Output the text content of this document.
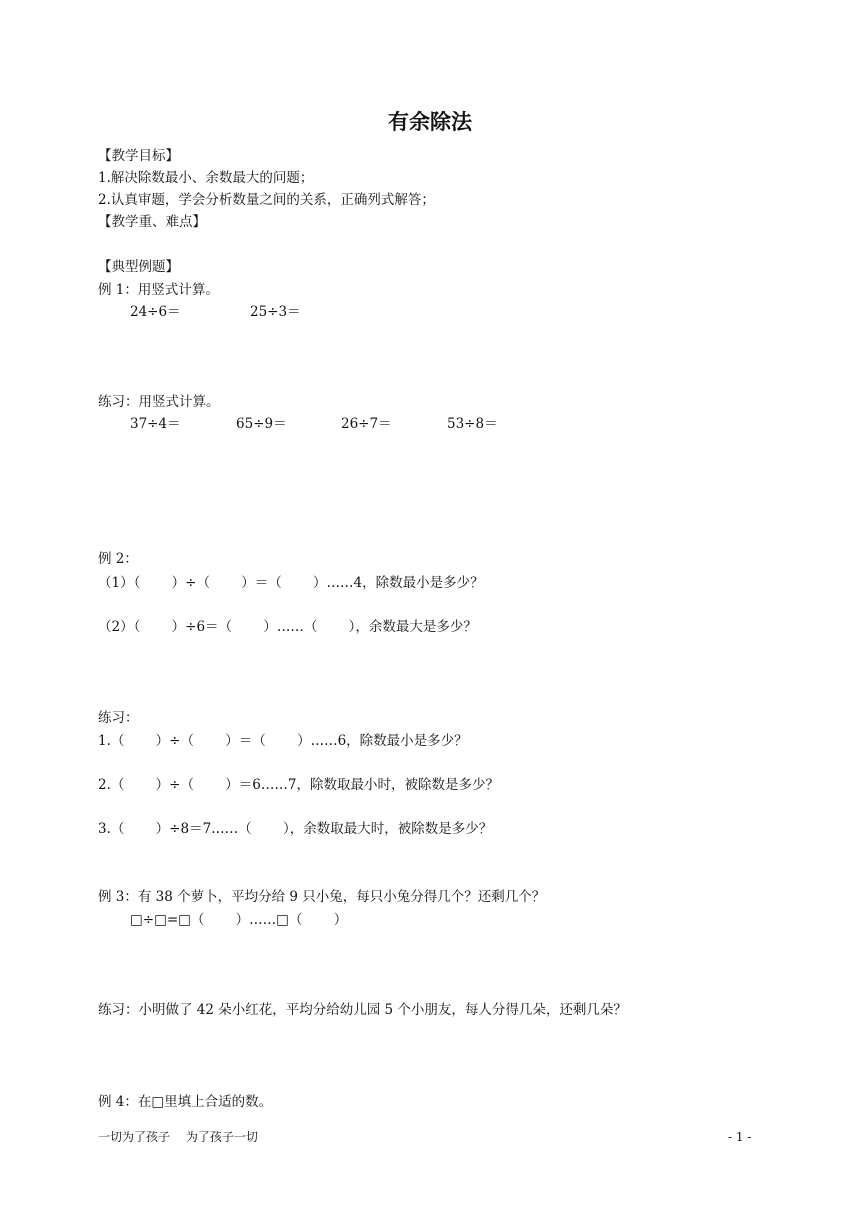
有余除法
【教学目标】
1.解决除数最小、余数最大的问题；
2.认真审题，学会分析数量之间的关系，正确列式解答；
【教学重、难点】
【典型例题】
例 1：用竖式计算。
24÷6＝	25÷3＝
练习：用竖式计算。
37÷4＝	65÷9＝	26÷7＝	53÷8＝
例 2：
（1）（　　 ）÷（　　 ）＝（　　 ）……4，除数最小是多少？
（2）（　　 ）÷6＝（　　 ）……（　　 ），余数最大是多少？
练习：
1.（　　 ）÷（　　 ）＝（　　 ）……6，除数最小是多少？
2.（　　 ）÷（　　 ）＝6……7，除数取最小时，被除数是多少？
3.（　　 ）÷8＝7……（　　 ），余数取最大时，被除数是多少？
例 3：有 38 个萝卜，平均分给 9 只小兔，每只小兔分得几个？还剩几个？
□÷□=□（　　 ）……□（　　 ）
练习：小明做了 42 朵小红花，平均分给幼儿园 5 个小朋友，每人分得几朵，还剩几朵？
例 4：在□里填上合适的数。
一切为了孩子　 为了孩子一切	- 1 -
